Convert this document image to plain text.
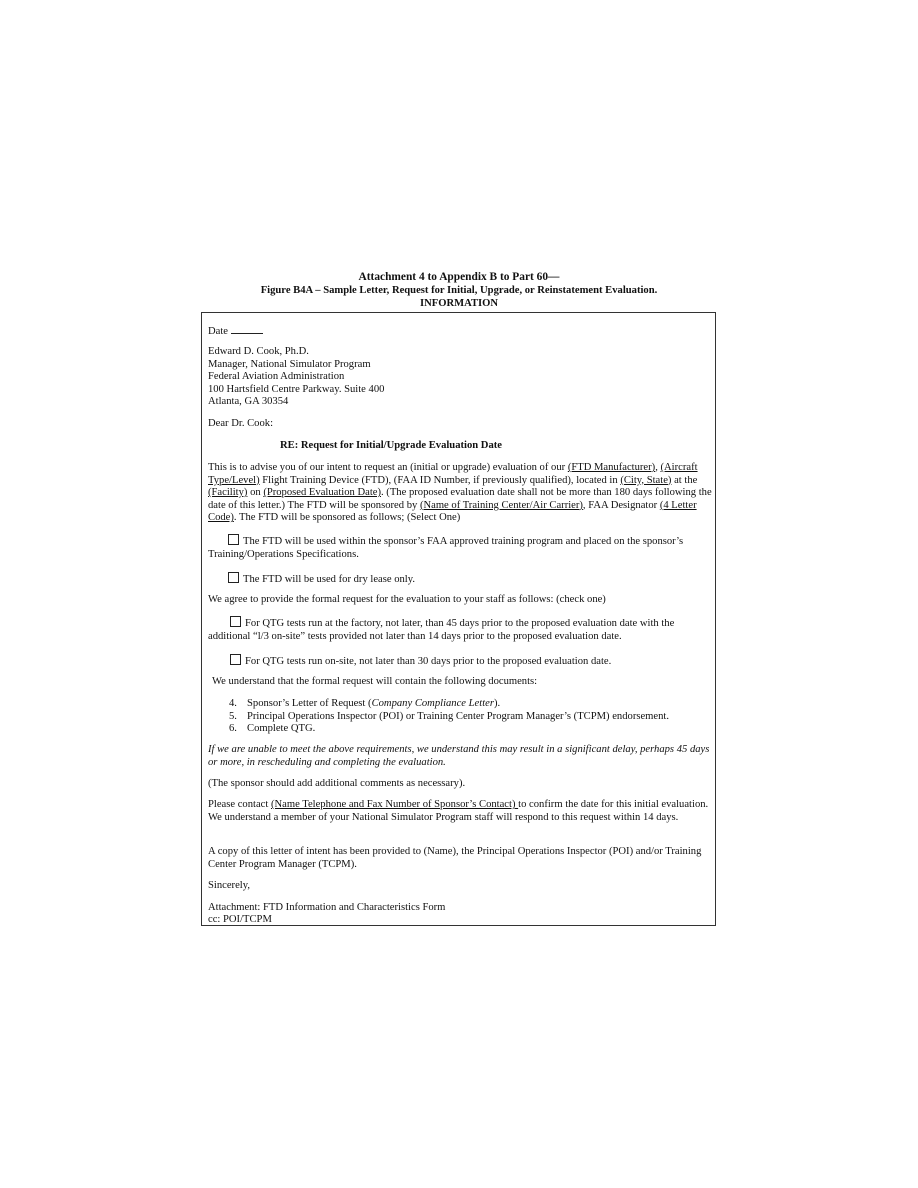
Attachment 4 to Appendix B to Part 60—
Figure B4A – Sample Letter, Request for Initial, Upgrade, or Reinstatement Evaluation.
INFORMATION

Date

Edward D. Cook, Ph.D.
Manager, National Simulator Program
Federal Aviation Administration
100 Hartsfield Centre Parkway. Suite 400
Atlanta, GA 30354

Dear Dr. Cook:

RE: Request for Initial/Upgrade Evaluation Date

This is to advise you of our intent to request an (initial or upgrade) evaluation of our (FTD Manufacturer), (Aircraft Type/Level) Flight Training Device (FTD), (FAA ID Number, if previously qualified), located in (City, State) at the (Facility) on (Proposed Evaluation Date). (The proposed evaluation date shall not be more than 180 days following the date of this letter.) The FTD will be sponsored by (Name of Training Center/Air Carrier), FAA Designator (4 Letter Code). The FTD will be sponsored as follows; (Select One)

The FTD will be used within the sponsor’s FAA approved training program and placed on the sponsor’s Training/Operations Specifications.

The FTD will be used for dry lease only.

We agree to provide the formal request for the evaluation to your staff as follows: (check one)

For QTG tests run at the factory, not later, than 45 days prior to the proposed evaluation date with the additional “l/3 on-site” tests provided not later than 14 days prior to the proposed evaluation date.

For QTG tests run on-site, not later than 30 days prior to the proposed evaluation date.

We understand that the formal request will contain the following documents:

4. Sponsor’s Letter of Request (Company Compliance Letter).
5. Principal Operations Inspector (POI) or Training Center Program Manager’s (TCPM) endorsement.
6. Complete QTG.

If we are unable to meet the above requirements, we understand this may result in a significant delay, perhaps 45 days or more, in rescheduling and completing the evaluation.

(The sponsor should add additional comments as necessary).

Please contact (Name Telephone and Fax Number of Sponsor’s Contact) to confirm the date for this initial evaluation. We understand a member of your National Simulator Program staff will respond to this request within 14 days.

A copy of this letter of intent has been provided to (Name), the Principal Operations Inspector (POI) and/or Training Center Program Manager (TCPM).

Sincerely,

Attachment: FTD Information and Characteristics Form

cc: POI/TCPM
